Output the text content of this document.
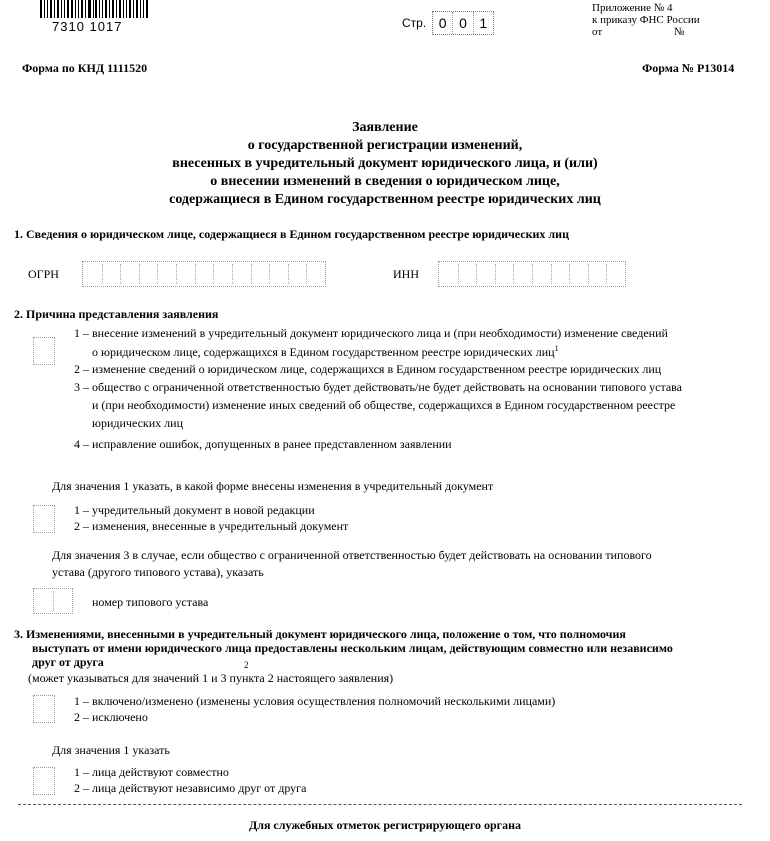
7310 1017	Стр. 0 0 1
Приложение № 4
к приказу ФНС России
от	№
Форма по КНД 1111520	Форма № Р13014
Заявление
о государственной регистрации изменений,
внесенных в учредительный документ юридического лица, и (или)
о внесении изменений в сведения о юридическом лице,
содержащиеся в Едином государственном реестре юридических лиц
1. Сведения о юридическом лице, содержащиеся в Едином государственном реестре юридических лиц
ОГРН	ИНН
2. Причина представления заявления
1 – внесение изменений в учредительный документ юридического лица и (при необходимости) изменение сведений
о юридическом лице, содержащихся в Едином государственном реестре юридических лиц$^1$
2 – изменение сведений о юридическом лице, содержащихся в Едином государственном реестре юридических лиц
3 – общество с ограниченной ответственностью будет действовать/не будет действовать на основании типового устава
и (при необходимости) изменение иных сведений об обществе, содержащихся в Едином государственном реестре
юридических лиц
4 – исправление ошибок, допущенных в ранее представленном заявлении
Для значения 1 указать, в какой форме внесены изменения в учредительный документ
1 – учредительный документ в новой редакции
2 – изменения, внесенные в учредительный документ
Для значения 3 в случае, если общество с ограниченной ответственностью будет действовать на основании типового
устава (другого типового устава), указать
номер типового устава
3. Изменениями, внесенными в учредительный документ юридического лица, положение о том, что полномочия
выступать от имени юридического лица предоставлены нескольким лицам, действующим совместно или независимо
друг от друга
(может указываться для значений 1 и 3 пункта 2 настоящего заявления)
2
1 – включено/изменено (изменены условия осуществления полномочий несколькими лицами)
2 – исключено
Для значения 1 указать
1 – лица действуют совместно
2 – лица действуют независимо друг от друга
Для служебных отметок регистрирующего органа
